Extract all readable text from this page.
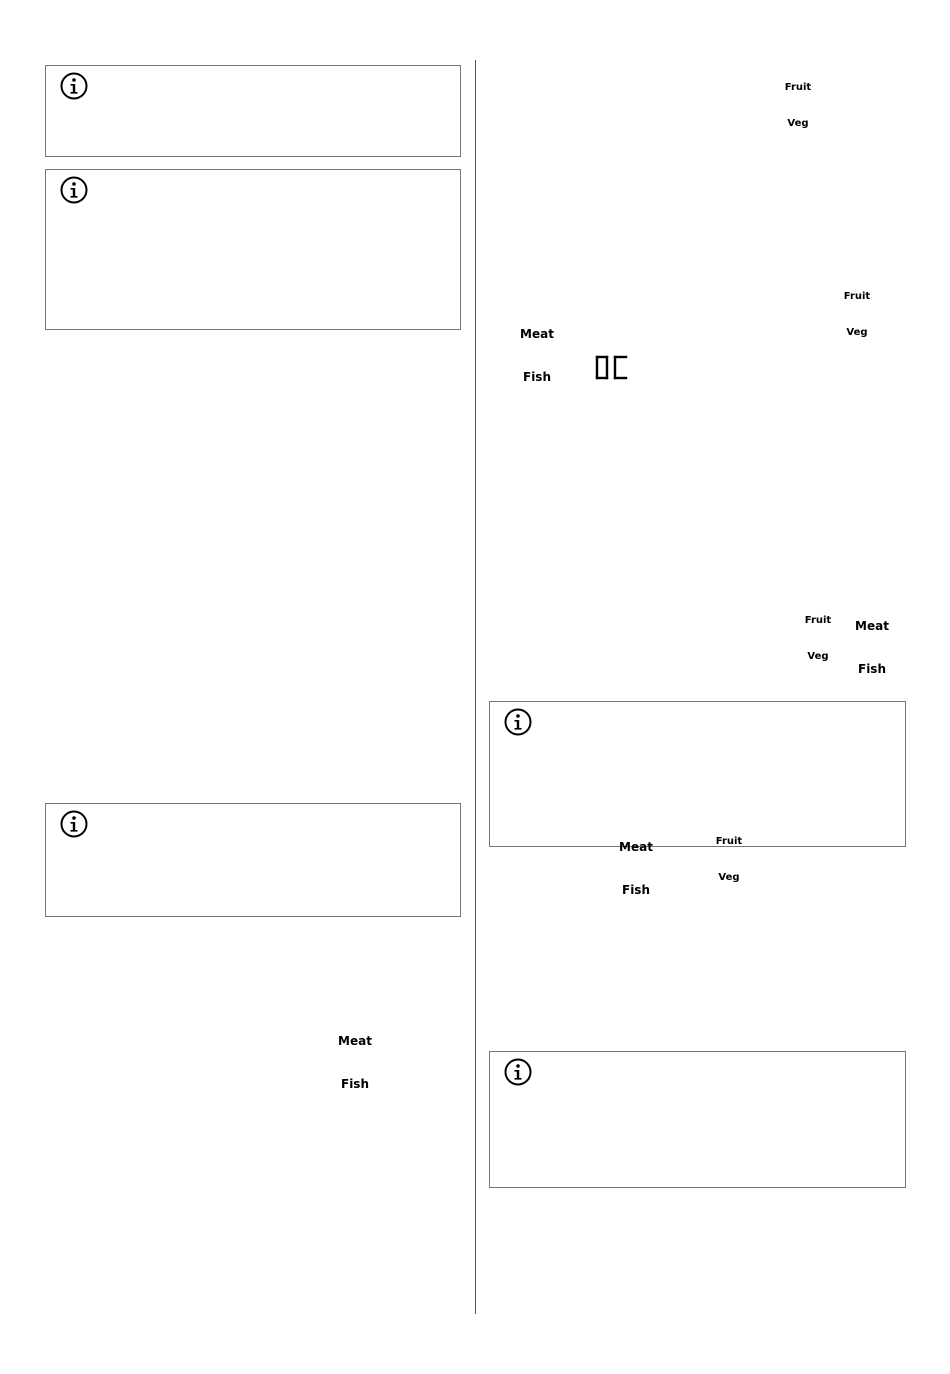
Meat

Fish

Fruit

Veg

Fruit

Veg

Meat

Fish

Fruit

Veg

Meat

Fish

Meat

Fish

Fruit

Veg
